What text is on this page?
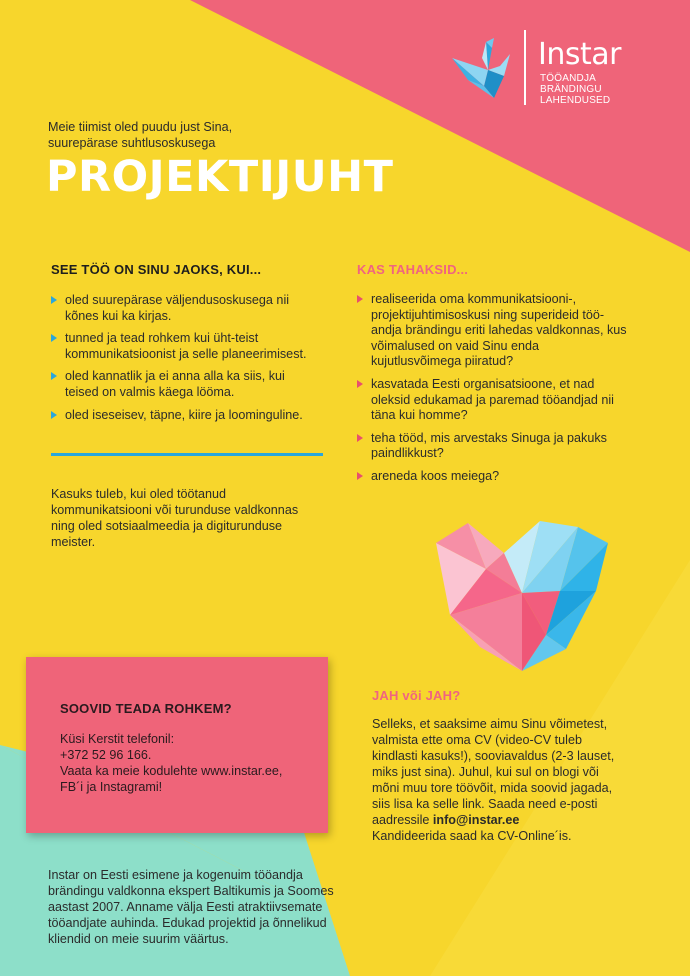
Instar
TÖÖANDJA BRÄNDINGU
LAHENDUSED
Meie tiimist oled puudu just Sina,
suurepärase suhtlusoskusega
PROJEKTIJUHT
SEE TÖÖ ON SINU JAOKS, KUI...
oled suurepärase väljendusoskusega nii
kõnes kui ka kirjas.
tunned ja tead rohkem kui üht-teist
kommunikatsioonist ja selle planeerimisest.
oled kannatlik ja ei anna alla ka siis, kui
teised on valmis käega lööma.
oled iseseisev, täpne, kiire ja loominguline.
Kasuks tuleb, kui oled töötanud
kommunikatsiooni või turunduse valdkonnas
ning oled sotsiaalmeedia ja digiturunduse
meister.
KAS TAHAKSID...
realiseerida oma kommunikatsiooni-,
projektijuhtimisoskusi ning superideid töö-
andja brändingu eriti lahedas valdkonnas, kus
võimalused on vaid Sinu enda
kujutlusvõimega piiratud?
kasvatada Eesti organisatsioone, et nad
oleksid edukamad ja paremad tööandjad nii
täna kui homme?
teha tööd, mis arvestaks Sinuga ja pakuks
paindlikkust?
areneda koos meiega?
SOOVID TEADA ROHKEM?
Küsi Kerstit telefonil:
+372 52 96 166.
Vaata ka meie kodulehte www.instar.ee,
FB´i ja Instagrami!
JAH või JAH?
Selleks, et saaksime aimu Sinu võimetest,
valmista ette oma CV (video-CV tuleb
kindlasti kasuks!), sooviavaldus (2-3 lauset,
miks just sina). Juhul, kui sul on blogi või
mõni muu tore töövõit, mida soovid jagada,
siis lisa ka selle link. Saada need e-posti
aadressile info@instar.ee
Kandideerida saad ka CV-Online´is.
Instar on Eesti esimene ja kogenuim tööandja
brändingu valdkonna ekspert Baltikumis ja Soomes
aastast 2007. Anname välja Eesti atraktiivsemate
tööandjate auhinda. Edukad projektid ja õnnelikud
kliendid on meie suurim väärtus.
